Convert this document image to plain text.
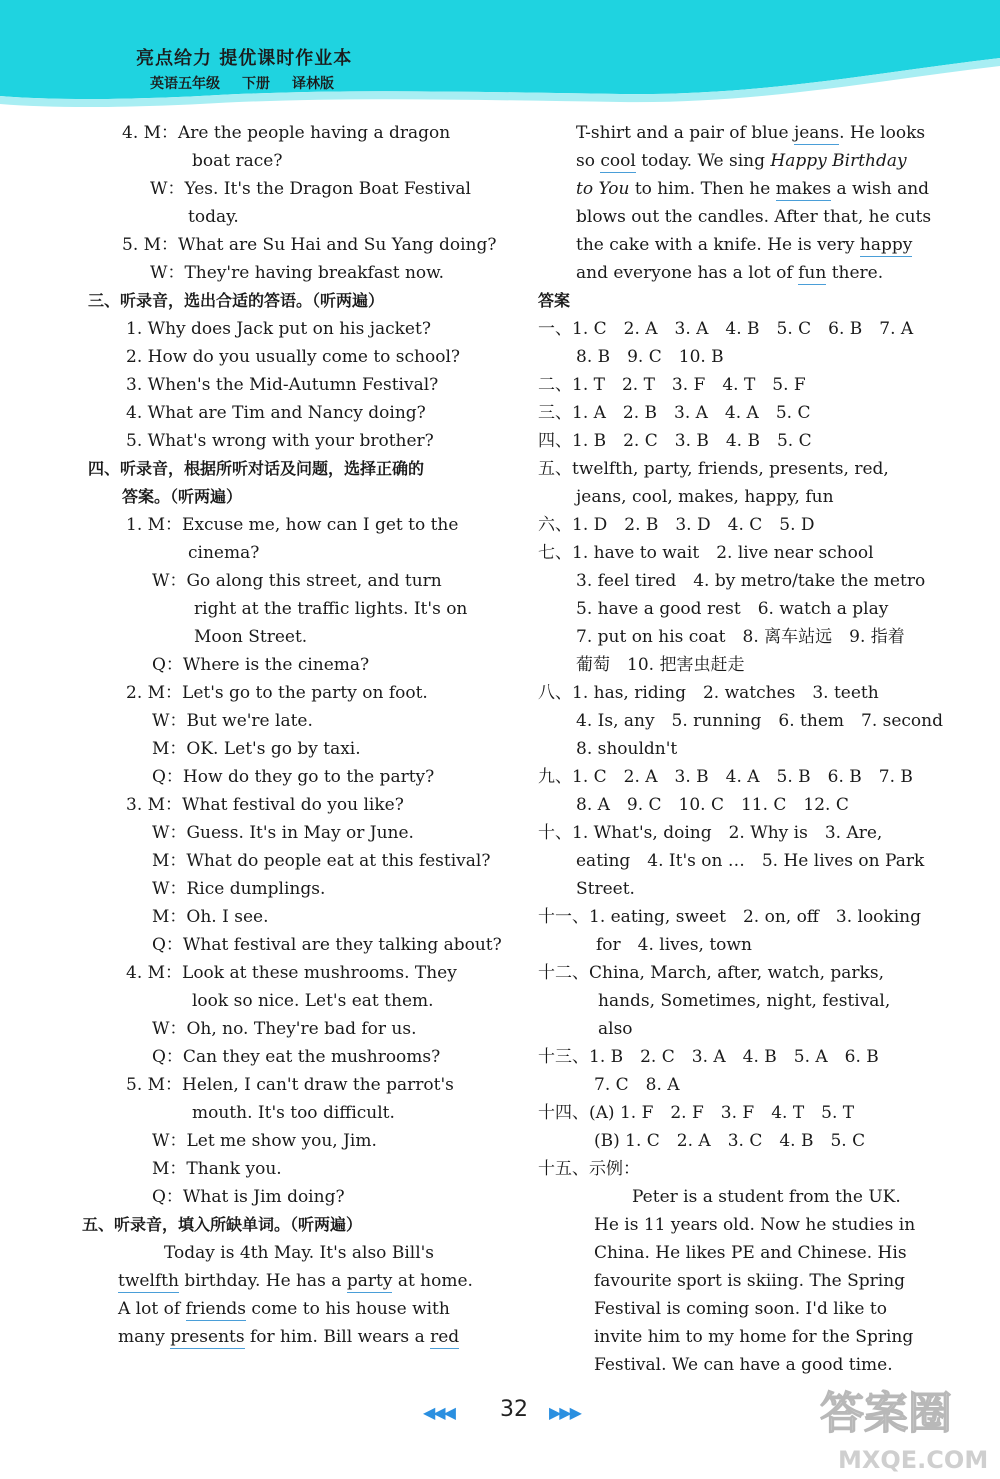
亮点给力 提优课时作业本
英语五年级 下册 译林版
4. M：Are the people having a dragon
boat race?
W：Yes. It's the Dragon Boat Festival
today.
5. M：What are Su Hai and Su Yang doing?
W：They're having breakfast now.
三、听录音，选出合适的答语。（听两遍）
1. Why does Jack put on his jacket?
2. How do you usually come to school?
3. When's the Mid-Autumn Festival?
4. What are Tim and Nancy doing?
5. What's wrong with your brother?
四、听录音，根据所听对话及问题，选择正确的
答案。（听两遍）
1. M：Excuse me, how can I get to the
cinema?
W：Go along this street, and turn
right at the traffic lights. It's on
Moon Street.
Q：Where is the cinema?
2. M：Let's go to the party on foot.
W：But we're late.
M：OK. Let's go by taxi.
Q：How do they go to the party?
3. M：What festival do you like?
W：Guess. It's in May or June.
M：What do people eat at this festival?
W：Rice dumplings.
M：Oh. I see.
Q：What festival are they talking about?
4. M：Look at these mushrooms. They
look so nice. Let's eat them.
W：Oh, no. They're bad for us.
Q：Can they eat the mushrooms?
5. M：Helen, I can't draw the parrot's
mouth. It's too difficult.
W：Let me show you, Jim.
M：Thank you.
Q：What is Jim doing?
五、听录音，填入所缺单词。（听两遍）
Today is 4th May. It's also Bill's
twelfth birthday. He has a party at home.
A lot of friends come to his house with
many presents for him. Bill wears a red
T-shirt and a pair of blue jeans. He looks
so cool today. We sing Happy Birthday
to You to him. Then he makes a wish and
blows out the candles. After that, he cuts
the cake with a knife. He is very happy
and everyone has a lot of fun there.
答案
一、1. C　2. A　3. A　4. B　5. C　6. B　7. A
8. B　9. C　10. B
二、1. T　2. T　3. F　4. T　5. F
三、1. A　2. B　3. A　4. A　5. C
四、1. B　2. C　3. B　4. B　5. C
五、twelfth, party, friends, presents, red,
jeans, cool, makes, happy, fun
六、1. D　2. B　3. D　4. C　5. D
七、1. have to wait　2. live near school
3. feel tired　4. by metro/take the metro
5. have a good rest　6. watch a play
7. put on his coat　8. 离车站远　9. 指着
葡萄　10. 把害虫赶走
八、1. has, riding　2. watches　3. teeth
4. Is, any　5. running　6. them　7. second
8. shouldn't
九、1. C　2. A　3. B　4. A　5. B　6. B　7. B
8. A　9. C　10. C　11. C　12. C
十、1. What's, doing　2. Why is　3. Are,
eating　4. It's on …　5. He lives on Park
Street.
十一、1. eating, sweet　2. on, off　3. looking
for　4. lives, town
十二、China, March, after, watch, parks,
hands, Sometimes, night, festival,
also
十三、1. B　2. C　3. A　4. B　5. A　6. B
7. C　8. A
十四、(A) 1. F　2. F　3. F　4. T　5. T
(B) 1. C　2. A　3. C　4. B　5. C
十五、示例：
Peter is a student from the UK.
He is 11 years old. Now he studies in
China. He likes PE and Chinese. His
favourite sport is skiing. The Spring
Festival is coming soon. I'd like to
invite him to my home for the Spring
Festival. We can have a good time.
◀◀◀ 32 ▶▶▶	答案圈
MXQE.COM
